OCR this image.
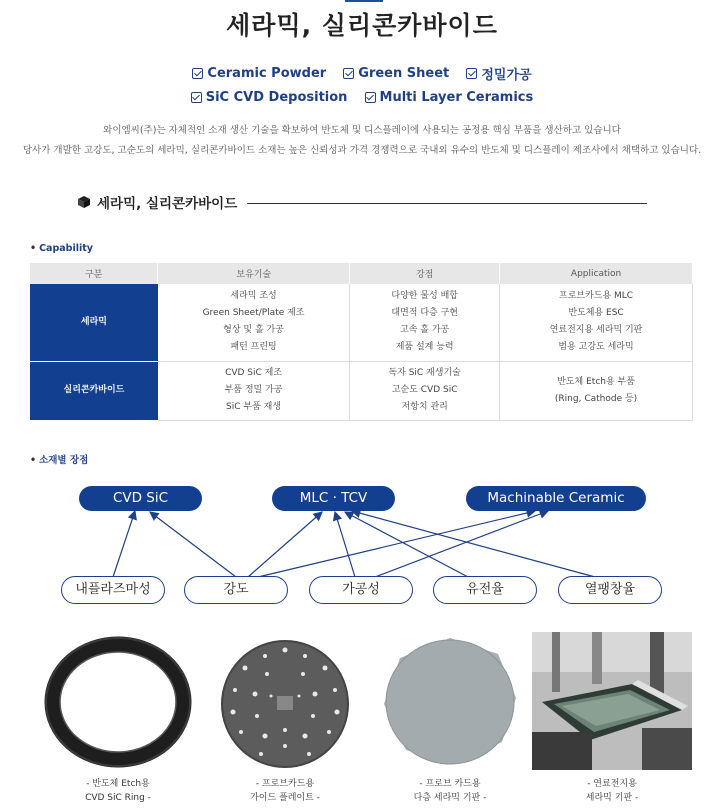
세라믹, 실리콘카바이드
Ceramic Powder
Green Sheet
정밀가공
SiC CVD Deposition
Multi Layer Ceramics

와이엠씨(주)는 자체적인 소재 생산 기술을 확보하여 반도체 및 디스플레이에 사용되는 공정용 핵심 부품을 생산하고 있습니다

당사가 개발한 고강도, 고순도의 세라믹, 실리콘카바이드 소재는 높은 신뢰성과 가격 경쟁력으로 국내외 유수의 반도체 및 디스플레이 제조사에서 채택하고 있습니다.

세라믹, 실리콘카바이드
• Capability
구분	보유기술	강점	Application
세라믹	세라믹 조성
Green Sheet/Plate 제조
형상 및 홀 가공
패턴 프린팅	다양한 물성 배합
대면적 다층 구현
고속 홀 가공
제품 설계 능력	프로브카드용 MLC
반도체용 ESC
연료전지용 세라믹 기판
범용 고강도 세라믹

실리콘카바이드	CVD SiC 제조
부품 정밀 가공
SiC 부품 재생	독자 SiC 재생기술
고순도 CVD SiC
저항치 관리	반도체 Etch용 부품
(Ring, Cathode 등)
• 소재별 장점
CVD SiC	MLC · TCV	Machinable Ceramic
내플라즈마성	강도	가공성	유전율	열팽창율
- 반도체 Etch용
CVD SiC Ring -
- 프로브카드용
가이드 플레이트 -
- 프로브 카드용
다층 세라믹 기판 -
- 연료전지용
세라믹 기판 -
